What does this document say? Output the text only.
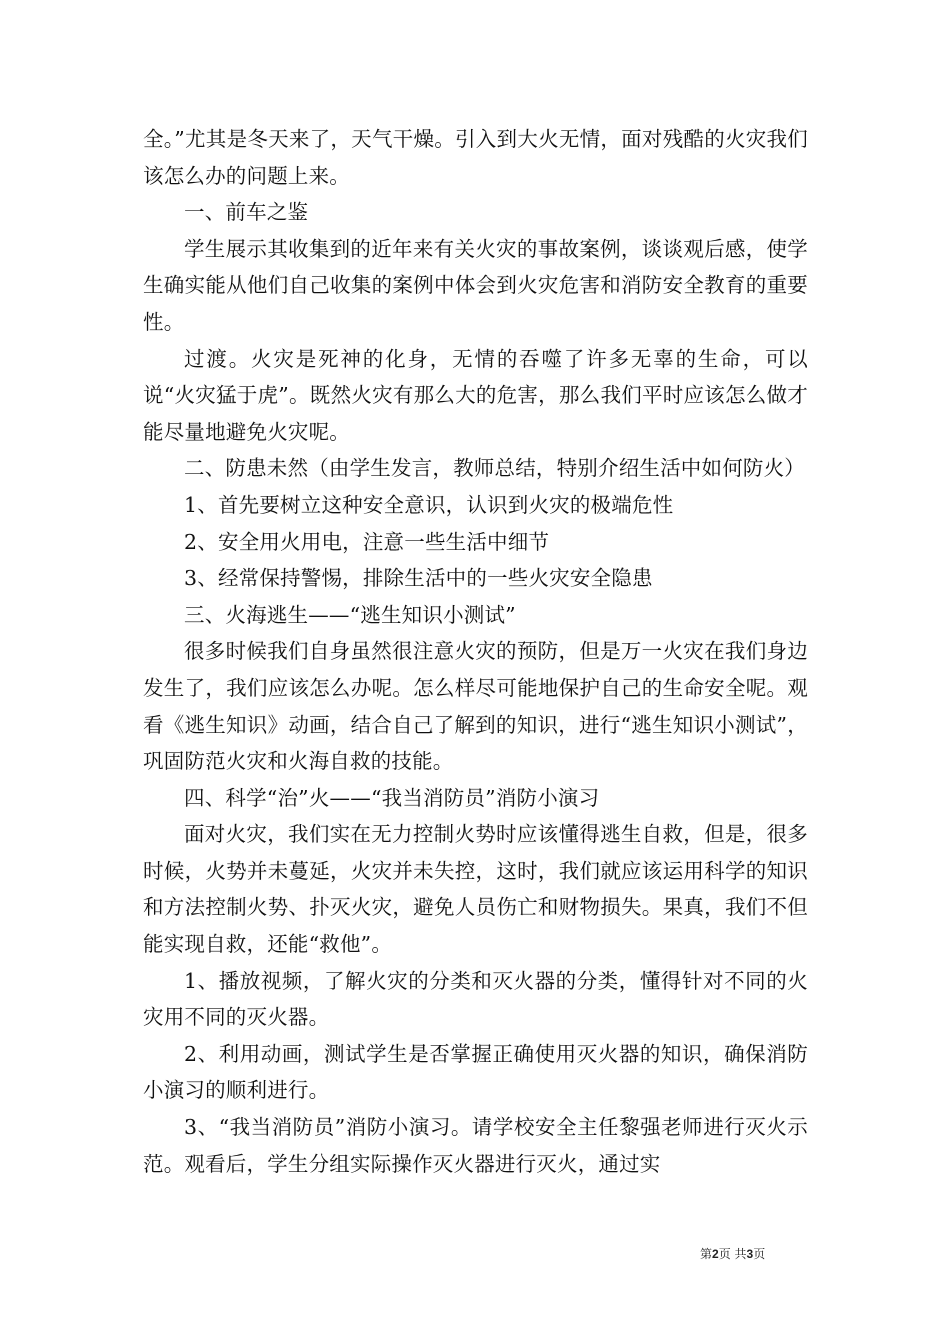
全。”尤其是冬天来了，天气干燥。引入到大火无情，面对残酷的火灾我们该怎么办的问题上来。

一、前车之鉴

学生展示其收集到的近年来有关火灾的事故案例，谈谈观后感，使学生确实能从他们自己收集的案例中体会到火灾危害和消防安全教育的重要性。

过渡。火灾是死神的化身，无情的吞噬了许多无辜的生命，可以说“火灾猛于虎”。既然火灾有那么大的危害，那么我们平时应该怎么做才能尽量地避免火灾呢。

二、防患未然（由学生发言，教师总结，特别介绍生活中如何防火）

1、首先要树立这种安全意识，认识到火灾的极端危性

2、安全用火用电，注意一些生活中细节

3、经常保持警惕，排除生活中的一些火灾安全隐患

三、火海逃生——“逃生知识小测试”

很多时候我们自身虽然很注意火灾的预防，但是万一火灾在我们身边发生了，我们应该怎么办呢。怎么样尽可能地保护自己的生命安全呢。观看《逃生知识》动画，结合自己了解到的知识，进行“逃生知识小测试”，巩固防范火灾和火海自救的技能。

四、科学“治”火——“我当消防员”消防小演习

面对火灾，我们实在无力控制火势时应该懂得逃生自救，但是，很多时候，火势并未蔓延，火灾并未失控，这时，我们就应该运用科学的知识和方法控制火势、扑灭火灾，避免人员伤亡和财物损失。果真，我们不但能实现自救，还能“救他”。

1、播放视频，了解火灾的分类和灭火器的分类，懂得针对不同的火灾用不同的灭火器。

2、利用动画，测试学生是否掌握正确使用灭火器的知识，确保消防小演习的顺利进行。

3、“我当消防员”消防小演习。请学校安全主任黎强老师进行灭火示范。观看后，学生分组实际操作灭火器进行灭火，通过实

第2页 共3页
